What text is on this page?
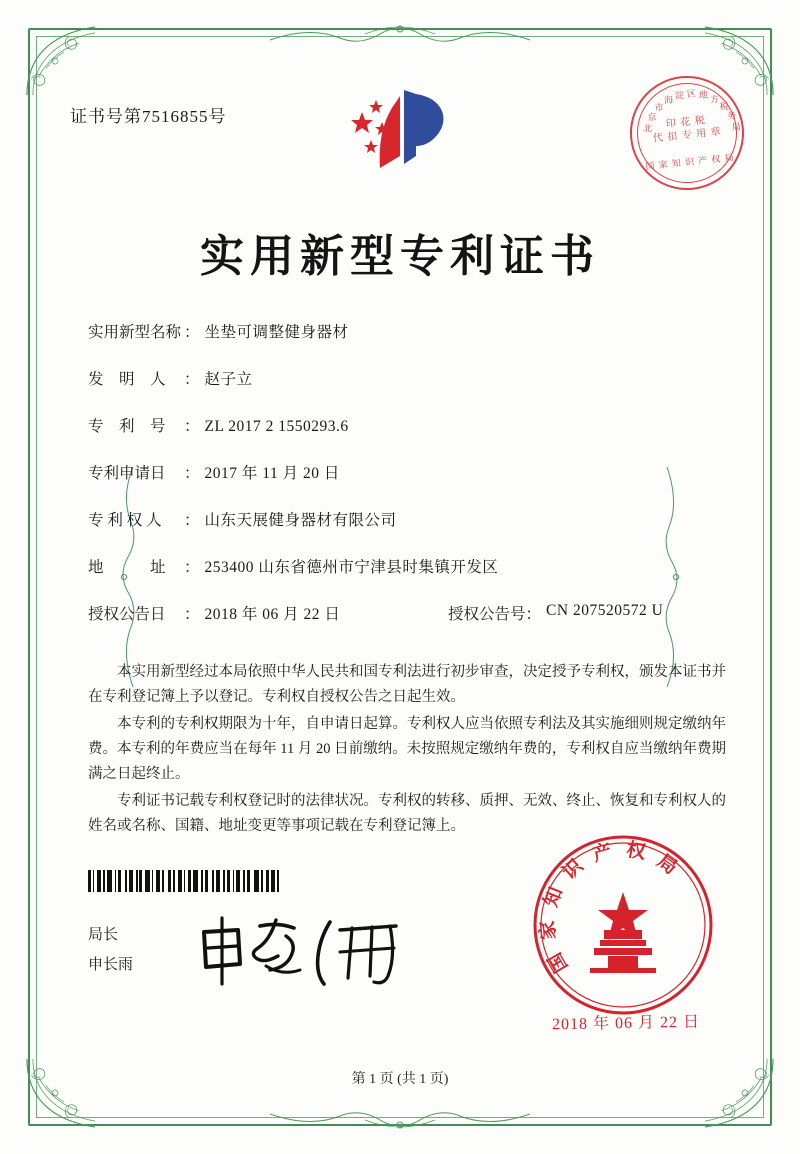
证书号第7516855号
北
京
市
海 淀 区 地 方
税
务
局
印 花 税
代 扣 专 用 章
国 家 知 识 产 权 局
实用新型专利证书
实用新型名称 ： 坐垫可调整健身器材
发　明　人	： 赵子立
专　利　号	： ZL 2017 2 1550293.6
专利申请日	： 2017 年 11 月 20 日
专 利 权 人	： 山东天展健身器材有限公司
地　　　址	： 253400 山东省德州市宁津县时集镇开发区
授权公告日	： 2018 年 06 月 22 日	授权公告号 ： CN 207520572 U

本实用新型经过本局依照中华人民共和国专利法进行初步审查，决定授予专利权，颁发本证书并在专利登记簿上予以登记。专利权自授权公告之日起生效。

本专利的专利权期限为十年，自申请日起算。专利权人应当依照专利法及其实施细则规定缴纳年费。本专利的年费应当在每年 11 月 20 日前缴纳。未按照规定缴纳年费的，专利权自应当缴纳年费期满之日起终止。

专利证书记载专利权登记时的法律状况。专利权的转移、质押、无效、终止、恢复和专利权人的姓名或名称、国籍、地址变更等事项记载在专利登记簿上。

局长
申长雨	国
家
知
识
产 权 局
2018 年 06 月 22 日
第 1 页 (共 1 页)
